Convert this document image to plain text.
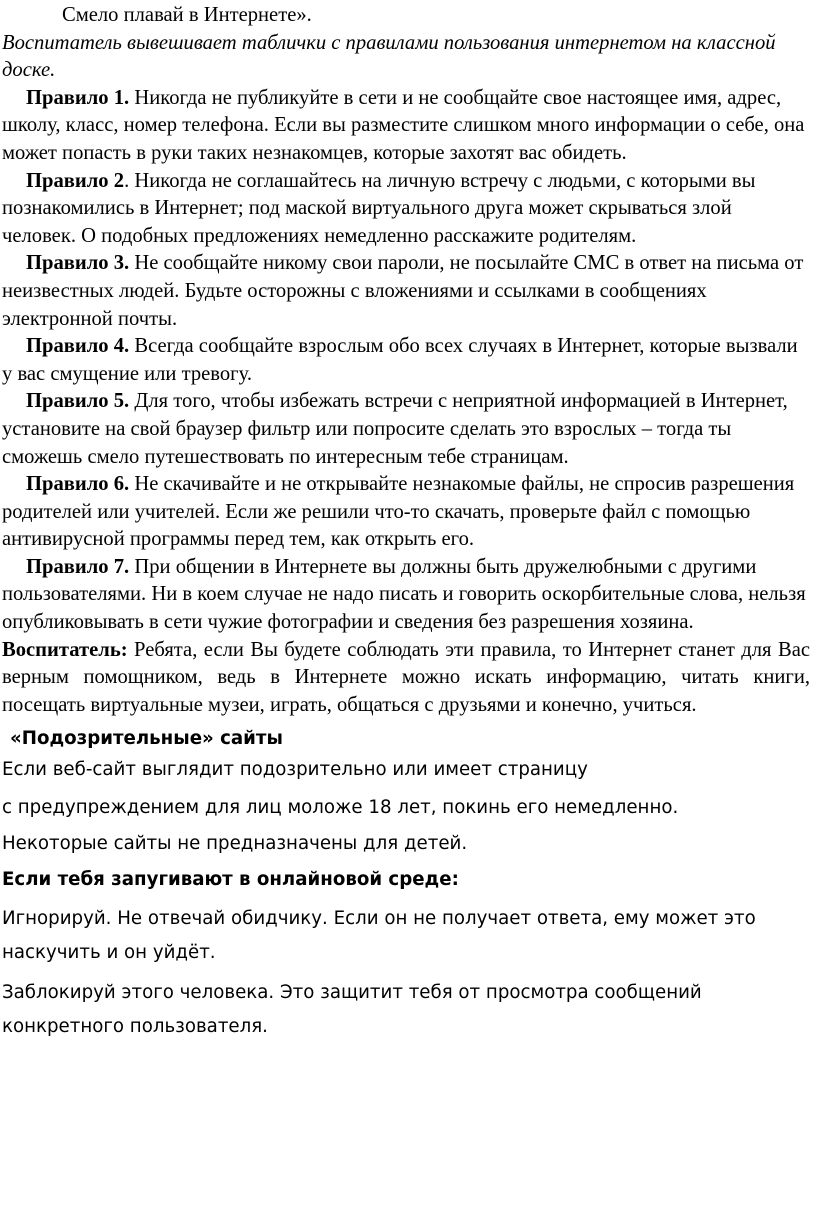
Смело плавай в Интернете».

Воспитатель вывешивает таблички с правилами пользования интернетом на классной доске.

Правило 1. Никогда не публикуйте в сети и не сообщайте свое настоящее имя, адрес, школу, класс, номер телефона. Если вы разместите слишком много информации о себе, она может попасть в руки таких незнакомцев, которые захотят вас обидеть.

Правило 2. Никогда не соглашайтесь на личную встречу с людьми, с которыми вы познакомились в Интернет; под маской виртуального друга может скрываться злой человек. О подобных предложениях немедленно расскажите родителям.

Правило 3. Не сообщайте никому свои пароли, не посылайте СМС в ответ на письма от неизвестных людей. Будьте осторожны с вложениями и ссылками в сообщениях электронной почты.

Правило 4. Всегда сообщайте взрослым обо всех случаях в Интернет, которые вызвали у вас смущение или тревогу.

Правило 5. Для того, чтобы избежать встречи с неприятной информацией в Интернет, установите на свой браузер фильтр или попросите сделать это взрослых – тогда ты сможешь смело путешествовать по интересным тебе страницам.

Правило 6. Не скачивайте и не открывайте незнакомые файлы, не спросив разрешения родителей или учителей. Если же решили что-то скачать, проверьте файл с помощью антивирусной программы перед тем, как открыть его.

Правило 7. При общении в Интернете вы должны быть дружелюбными с другими пользователями. Ни в коем случае не надо писать и говорить оскорбительные слова, нельзя опубликовывать в сети чужие фотографии и сведения без разрешения хозяина.

Воспитатель: Ребята, если Вы будете соблюдать эти правила, то Интернет станет для Вас верным помощником, ведь в Интернете можно искать информацию, читать книги, посещать виртуальные музеи, играть, общаться с друзьями и конечно, учиться.

«Подозрительные» сайты

Если веб-сайт выглядит подозрительно или имеет страницу

с предупреждением для лиц моложе 18 лет, покинь его немедленно.

Некоторые сайты не предназначены для детей.

Если тебя запугивают в онлайновой среде:

Игнорируй. Не отвечай обидчику. Если он не получает ответа, ему может это наскучить и он уйдёт.

Заблокируй этого человека. Это защитит тебя от просмотра сообщений конкретного пользователя.
